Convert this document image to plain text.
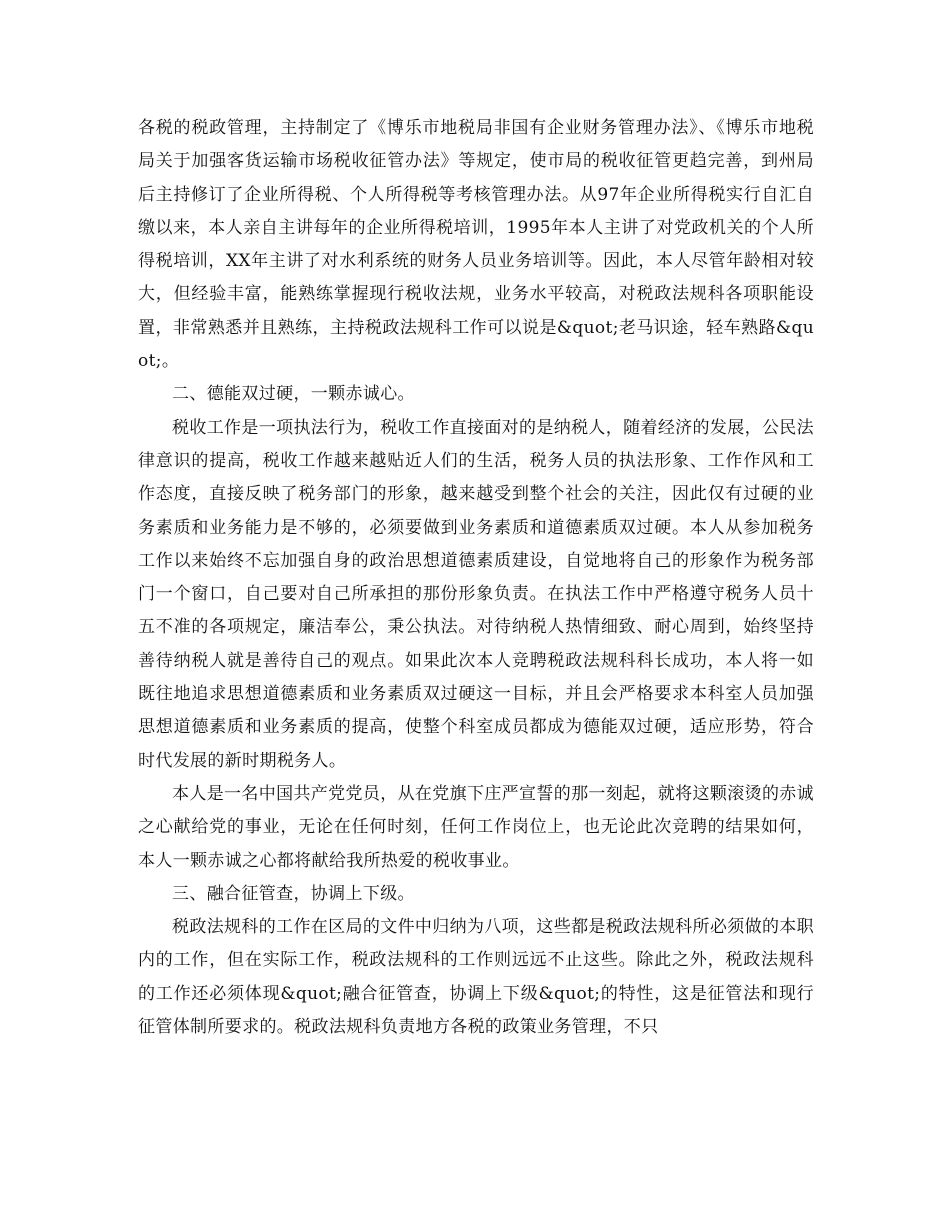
各税的税政管理，主持制定了《博乐市地税局非国有企业财务管理办法》、《博乐市地税局关于加强客货运输市场税收征管办法》等规定，使市局的税收征管更趋完善，到州局后主持修订了企业所得税、个人所得税等考核管理办法。从97年企业所得税实行自汇自缴以来，本人亲自主讲每年的企业所得税培训，1995年本人主讲了对党政机关的个人所得税培训，XX年主讲了对水利系统的财务人员业务培训等。因此，本人尽管年龄相对较大，但经验丰富，能熟练掌握现行税收法规，业务水平较高，对税政法规科各项职能设置，非常熟悉并且熟练，主持税政法规科工作可以说是&quot;老马识途，轻车熟路&quot;。

二、德能双过硬，一颗赤诚心。

税收工作是一项执法行为，税收工作直接面对的是纳税人，随着经济的发展，公民法律意识的提高，税收工作越来越贴近人们的生活，税务人员的执法形象、工作作风和工作态度，直接反映了税务部门的形象，越来越受到整个社会的关注，因此仅有过硬的业务素质和业务能力是不够的，必须要做到业务素质和道德素质双过硬。本人从参加税务工作以来始终不忘加强自身的政治思想道德素质建设，自觉地将自己的形象作为税务部门一个窗口，自己要对自己所承担的那份形象负责。在执法工作中严格遵守税务人员十五不准的各项规定，廉洁奉公，秉公执法。对待纳税人热情细致、耐心周到，始终坚持善待纳税人就是善待自己的观点。如果此次本人竞聘税政法规科科长成功，本人将一如既往地追求思想道德素质和业务素质双过硬这一目标，并且会严格要求本科室人员加强思想道德素质和业务素质的提高，使整个科室成员都成为德能双过硬，适应形势，符合时代发展的新时期税务人。

本人是一名中国共产党党员，从在党旗下庄严宣誓的那一刻起，就将这颗滚烫的赤诚之心献给党的事业，无论在任何时刻，任何工作岗位上，也无论此次竞聘的结果如何，本人一颗赤诚之心都将献给我所热爱的税收事业。

三、融合征管查，协调上下级。

税政法规科的工作在区局的文件中归纳为八项，这些都是税政法规科所必须做的本职内的工作，但在实际工作，税政法规科的工作则远远不止这些。除此之外，税政法规科的工作还必须体现&quot;融合征管查，协调上下级&quot;的特性，这是征管法和现行征管体制所要求的。税政法规科负责地方各税的政策业务管理，不只
